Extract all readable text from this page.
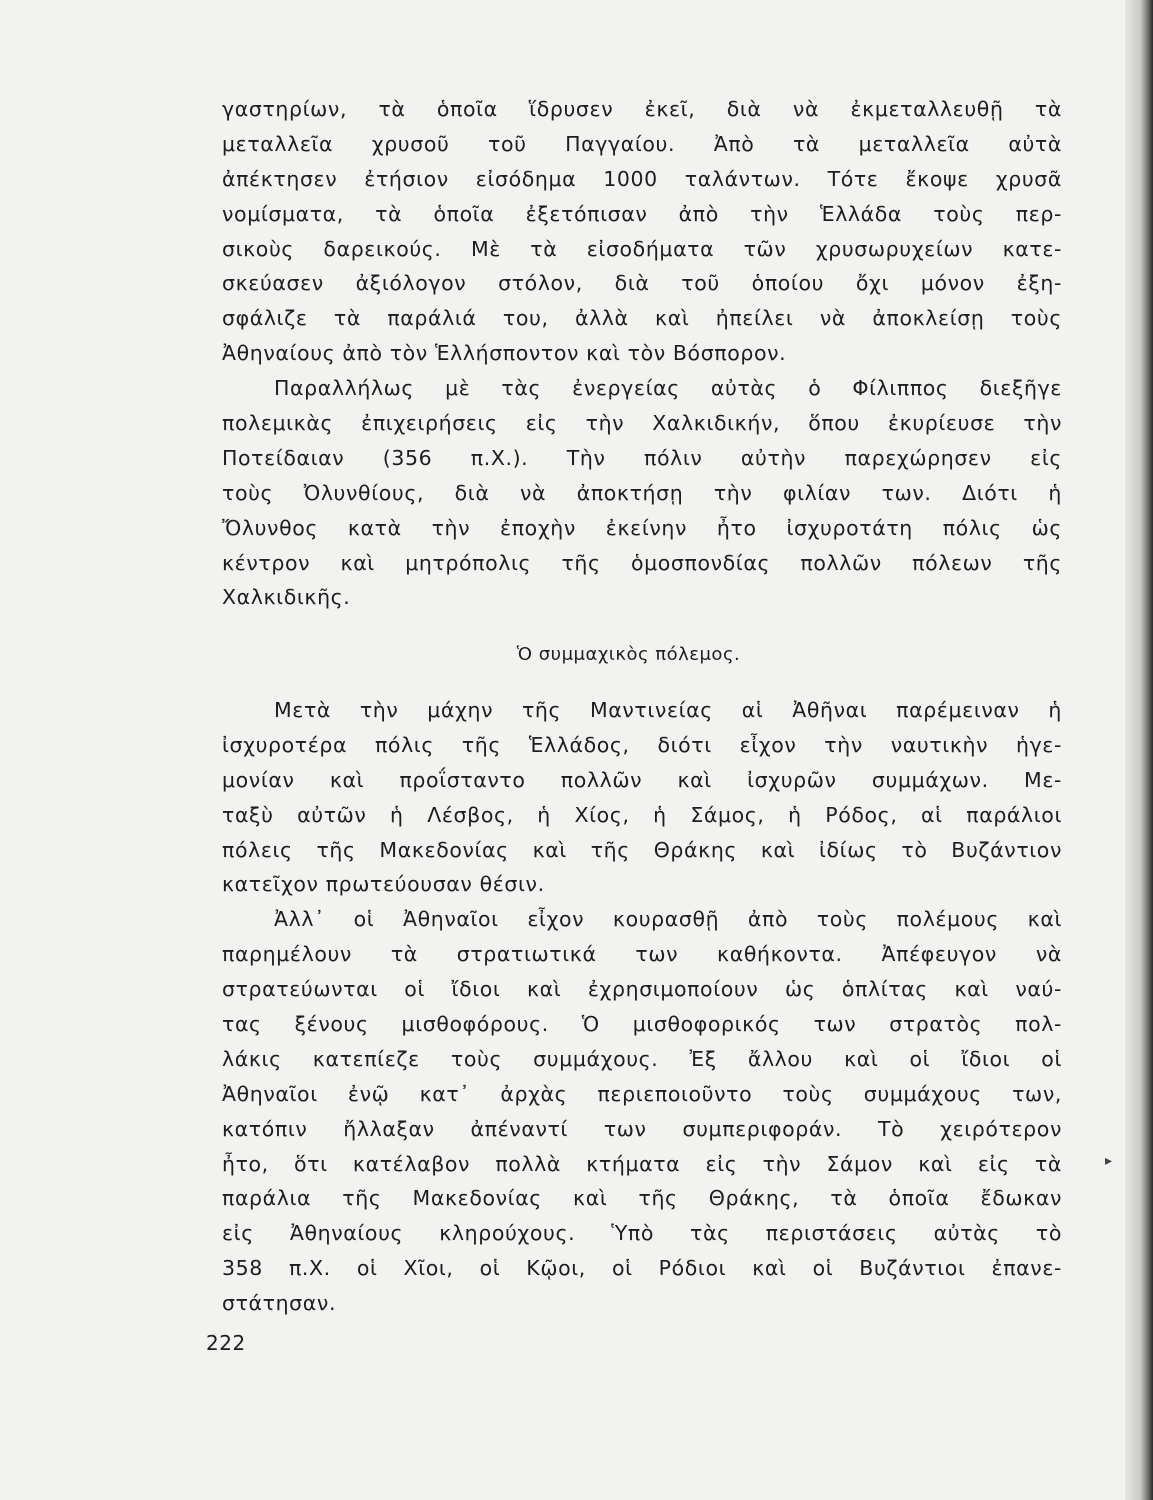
▸
γαστηρίων, τὰ ὁποῖα ἵδρυσεν ἐκεῖ, διὰ νὰ ἐκμεταλλευθῇ τὰ
μεταλλεῖα χρυσοῦ τοῦ Παγγαίου. Ἀπὸ τὰ μεταλλεῖα αὐτὰ
ἀπέκτησεν ἐτήσιον εἰσόδημα 1000 ταλάντων. Τότε ἔκοψε χρυσᾶ
νομίσματα, τὰ ὁποῖα ἐξετόπισαν ἀπὸ τὴν Ἑλλάδα τοὺς περ-
σικοὺς δαρεικούς. Μὲ τὰ εἰσοδήματα τῶν χρυσωρυχείων κατε-
σκεύασεν ἀξιόλογον στόλον, διὰ τοῦ ὁποίου ὄχι μόνον ἐξη-
σφάλιζε τὰ παράλιά του, ἀλλὰ καὶ ἠπείλει νὰ ἀποκλείσῃ τοὺς
Ἀθηναίους ἀπὸ τὸν Ἑλλήσποντον καὶ τὸν Βόσπορον.
Παραλλήλως μὲ τὰς ἐνεργείας αὐτὰς ὁ Φίλιππος διεξῆγε
πολεμικὰς ἐπιχειρήσεις εἰς τὴν Χαλκιδικήν, ὅπου ἐκυρίευσε τὴν
Ποτείδαιαν (356 π.Χ.). Τὴν πόλιν αὐτὴν παρεχώρησεν εἰς
τοὺς Ὀλυνθίους, διὰ νὰ ἀποκτήσῃ τὴν φιλίαν των. Διότι ἡ
Ὄλυνθος κατὰ τὴν ἐποχὴν ἐκείνην ἦτο ἰσχυροτάτη πόλις ὡς
κέντρον καὶ μητρόπολις τῆς ὁμοσπονδίας πολλῶν πόλεων τῆς
Χαλκιδικῆς.
Ὁ συμμαχικὸς πόλεμος.
Μετὰ τὴν μάχην τῆς Μαντινείας αἱ Ἀθῆναι παρέμειναν ἡ
ἰσχυροτέρα πόλις τῆς Ἑλλάδος, διότι εἶχον τὴν ναυτικὴν ἡγε-
μονίαν καὶ προΐσταντο πολλῶν καὶ ἰσχυρῶν συμμάχων. Με-
ταξὺ αὐτῶν ἡ Λέσβος, ἡ Χίος, ἡ Σάμος, ἡ Ρόδος, αἱ παράλιοι
πόλεις τῆς Μακεδονίας καὶ τῆς Θράκης καὶ ἰδίως τὸ Βυζάντιον
κατεῖχον πρωτεύουσαν θέσιν.
Ἀλλ᾽ οἱ Ἀθηναῖοι εἶχον κουρασθῇ ἀπὸ τοὺς πολέμους καὶ
παρημέλουν τὰ στρατιωτικά των καθήκοντα. Ἀπέφευγον νὰ
στρατεύωνται οἱ ἴδιοι καὶ ἐχρησιμοποίουν ὡς ὁπλίτας καὶ ναύ-
τας ξένους μισθοφόρους. Ὁ μισθοφορικός των στρατὸς πολ-
λάκις κατεπίεζε τοὺς συμμάχους. Ἐξ ἄλλου καὶ οἱ ἴδιοι οἱ
Ἀθηναῖοι ἐνῷ κατ᾽ ἀρχὰς περιεποιοῦντο τοὺς συμμάχους των,
κατόπιν ἤλλαξαν ἀπέναντί των συμπεριφοράν. Τὸ χειρότερον
ἦτο, ὅτι κατέλαβον πολλὰ κτήματα εἰς τὴν Σάμον καὶ εἰς τὰ
παράλια τῆς Μακεδονίας καὶ τῆς Θράκης, τὰ ὁποῖα ἔδωκαν
εἰς Ἀθηναίους κληρούχους. Ὑπὸ τὰς περιστάσεις αὐτὰς τὸ
358 π.Χ. οἱ Χῖοι, οἱ Κῷοι, οἱ Ρόδιοι καὶ οἱ Βυζάντιοι ἐπανε-
στάτησαν.
222
